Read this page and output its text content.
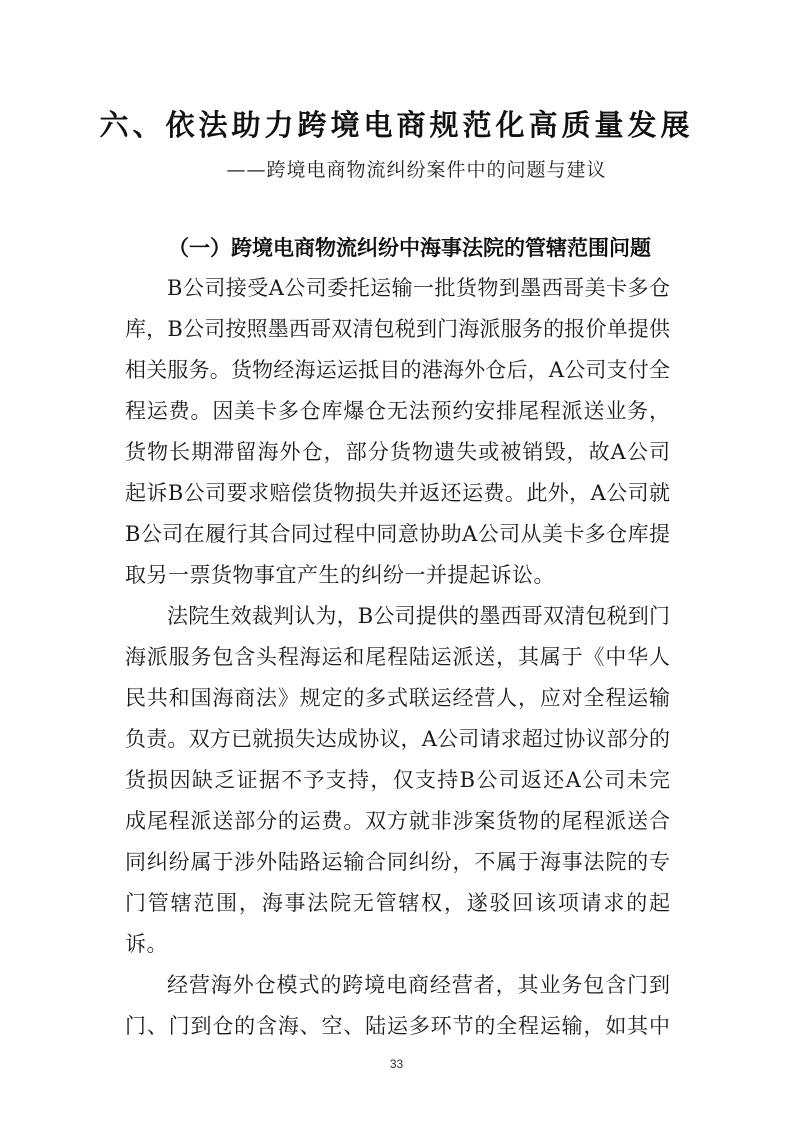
六、依法助力跨境电商规范化高质量发展
——跨境电商物流纠纷案件中的问题与建议
（一）跨境电商物流纠纷中海事法院的管辖范围问题
B公司接受A公司委托运输一批货物到墨西哥美卡多仓
库，B公司按照墨西哥双清包税到门海派服务的报价单提供
相关服务。货物经海运运抵目的港海外仓后，A公司支付全
程运费。因美卡多仓库爆仓无法预约安排尾程派送业务，
货物长期滞留海外仓，部分货物遗失或被销毁，故A公司
起诉B公司要求赔偿货物损失并返还运费。此外，A公司就
B公司在履行其合同过程中同意协助A公司从美卡多仓库提
取另一票货物事宜产生的纠纷一并提起诉讼。
法院生效裁判认为，B公司提供的墨西哥双清包税到门
海派服务包含头程海运和尾程陆运派送，其属于《中华人
民共和国海商法》规定的多式联运经营人，应对全程运输
负责。双方已就损失达成协议，A公司请求超过协议部分的
货损因缺乏证据不予支持，仅支持B公司返还A公司未完
成尾程派送部分的运费。双方就非涉案货物的尾程派送合
同纠纷属于涉外陆路运输合同纠纷，不属于海事法院的专
门管辖范围，海事法院无管辖权，遂驳回该项请求的起
诉。
经营海外仓模式的跨境电商经营者，其业务包含门到
门、门到仓的含海、空、陆运多环节的全程运输，如其中
33
